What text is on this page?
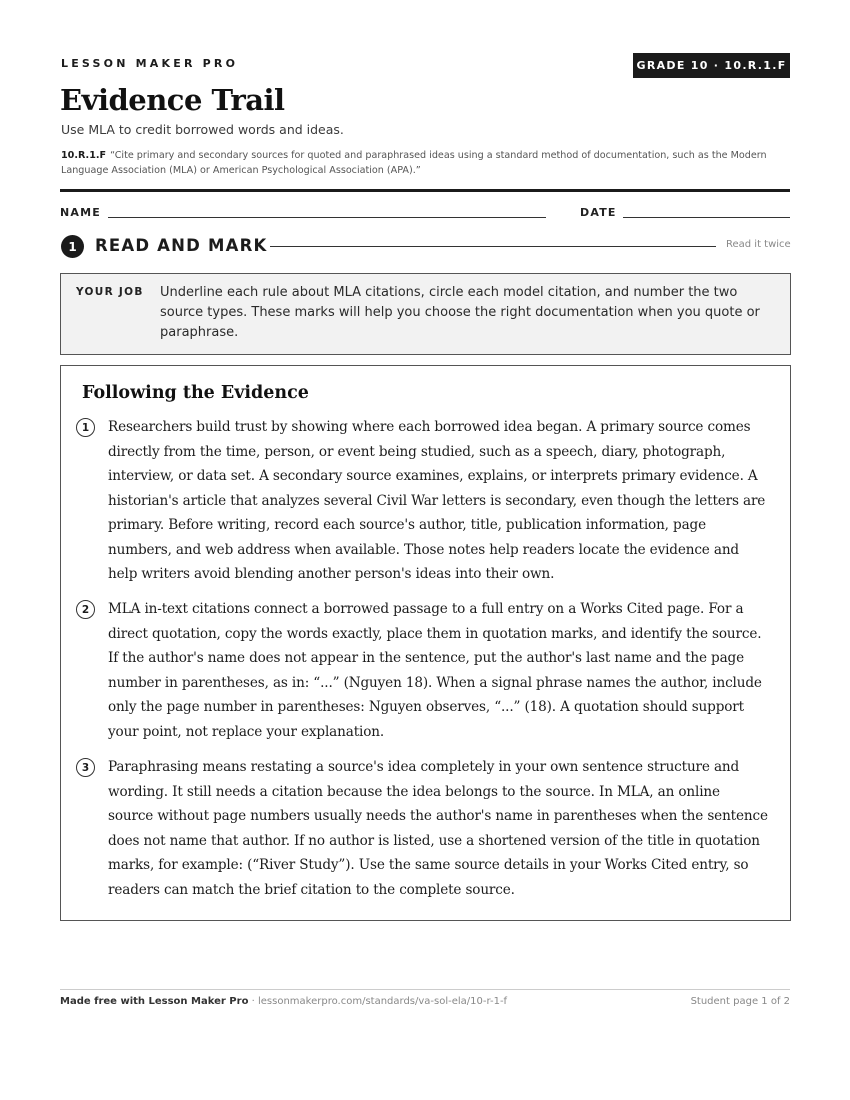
LESSON MAKER PRO	GRADE 10 · 10.R.1.F
Evidence Trail
Use MLA to credit borrowed words and ideas.
10.R.1.F “Cite primary and secondary sources for quoted and paraphrased ideas using a standard method of documentation, such as the Modern Language Association (MLA) or American Psychological Association (APA).”
NAME	DATE
1	READ AND MARK	Read it twice
YOUR JOB Underline each rule about MLA citations, circle each model citation, and number the two source types. These marks will help you choose the right documentation when you quote or paraphrase.
Following the Evidence
1	Researchers build trust by showing where each borrowed idea began. A primary source comes directly from the time, person, or event being studied, such as a speech, diary, photograph, interview, or data set. A secondary source examines, explains, or interprets primary evidence. A historian's article that analyzes several Civil War letters is secondary, even though the letters are primary. Before writing, record each source's author, title, publication information, page numbers, and web address when available. Those notes help readers locate the evidence and help writers avoid blending another person's ideas into their own.

2	MLA in-text citations connect a borrowed passage to a full entry on a Works Cited page. For a direct quotation, copy the words exactly, place them in quotation marks, and identify the source. If the author's name does not appear in the sentence, put the author's last name and the page number in parentheses, as in: “...” (Nguyen 18). When a signal phrase names the author, include only the page number in parentheses: Nguyen observes, “...” (18). A quotation should support your point, not replace your explanation.

3	Paraphrasing means restating a source's idea completely in your own sentence structure and wording. It still needs a citation because the idea belongs to the source. In MLA, an online source without page numbers usually needs the author's name in parentheses when the sentence does not name that author. If no author is listed, use a shortened version of the title in quotation marks, for example: (“River Study”). Use the same source details in your Works Cited entry, so readers can match the brief citation to the complete source.

Made free with Lesson Maker Pro · lessonmakerpro.com/standards/va-sol-ela/10-r-1-f	Student page 1 of 2
